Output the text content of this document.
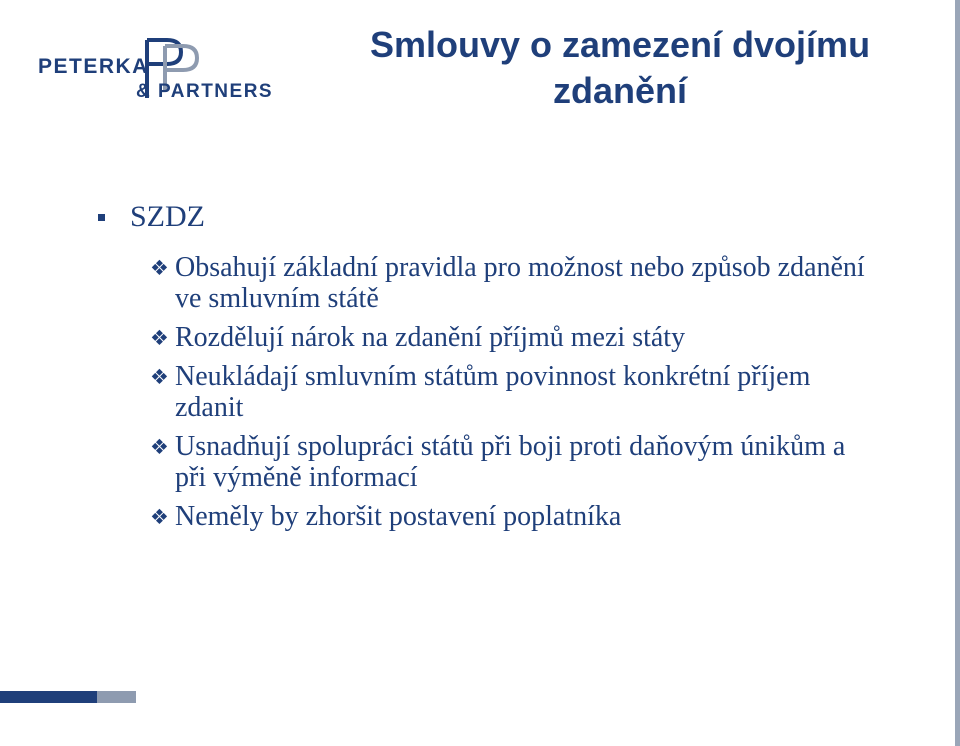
PETERKA
& PARTNERS
Smlouvy o zamezení dvojímu zdanění
SZDZ
❖ Obsahují základní pravidla pro možnost nebo způsob zdanění ve smluvním státě
❖ Rozdělují nárok na zdanění příjmů mezi státy
❖ Neukládají smluvním státům povinnost konkrétní příjem zdanit
❖ Usnadňují spolupráci států při boji proti daňovým únikům a při výměně informací
❖ Neměly by zhoršit postavení poplatníka
